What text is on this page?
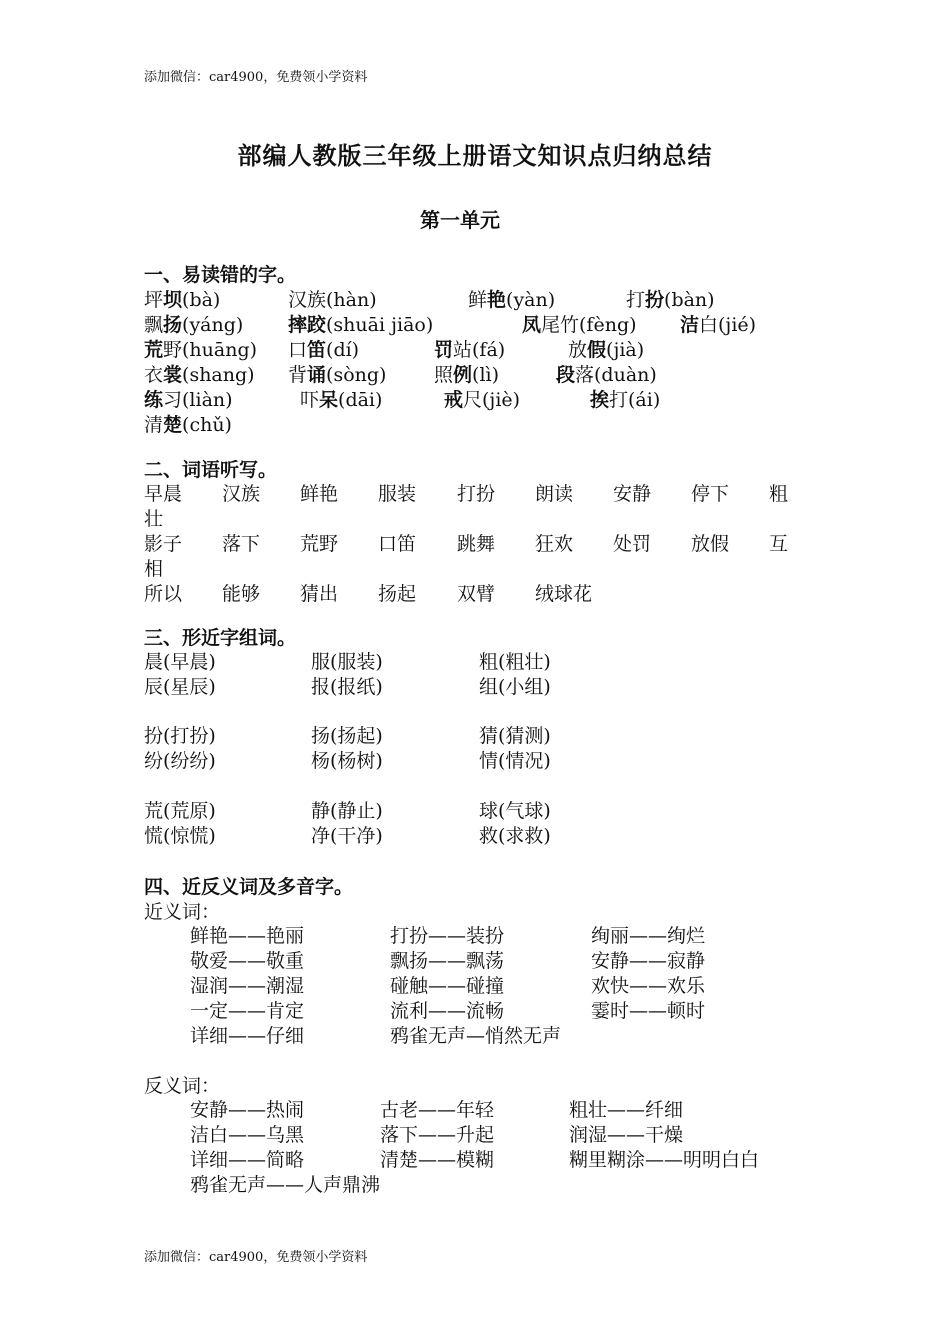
添加微信：car4900，免费领小学资料
部编人教版三年级上册语文知识点归纳总结
第一单元
一、易读错的字。
坪坝(bà)	汉族(hàn)	鲜艳(yàn)	打扮(bàn)
飘扬(yáng) 摔跤(shuāi jiāo)	凤尾竹(fèng) 洁白(jié)
荒野(huāng) 口笛(dí)	罚站(fá)	放假(jià)
衣裳(shang) 背诵(sòng)	照例(lì)	段落(duàn)
练习(liàn)	吓呆(dāi)	戒尺(jiè)	挨打(ái)
清楚(chǔ)
二、词语听写。
早晨 汉族 鲜艳 服装 打扮 朗读 安静 停下 粗
壮
影子 落下 荒野 口笛 跳舞 狂欢 处罚 放假 互
相
所以 能够 猜出 扬起 双臂 绒球花
三、形近字组词。
晨(早晨)	服(服装)	粗(粗壮)
辰(星辰)	报(报纸)	组(小组)
扮(打扮)	扬(扬起)	猜(猜测)
纷(纷纷)	杨(杨树)	情(情况)
荒(荒原)	静(静止)	球(气球)
慌(惊慌)	净(干净)	救(求救)
四、近反义词及多音字。
近义词：
鲜艳——艳丽	打扮——装扮	绚丽——绚烂
敬爱——敬重	飘扬——飘荡	安静——寂静
湿润——潮湿	碰触——碰撞	欢快——欢乐
一定——肯定	流利——流畅	霎时——顿时
详细——仔细	鸦雀无声—悄然无声
反义词：
安静——热闹	古老——年轻	粗壮——纤细
洁白——乌黑	落下——升起	润湿——干燥
详细——简略	清楚——模糊	糊里糊涂——明明白白
鸦雀无声——人声鼎沸
添加微信：car4900，免费领小学资料
